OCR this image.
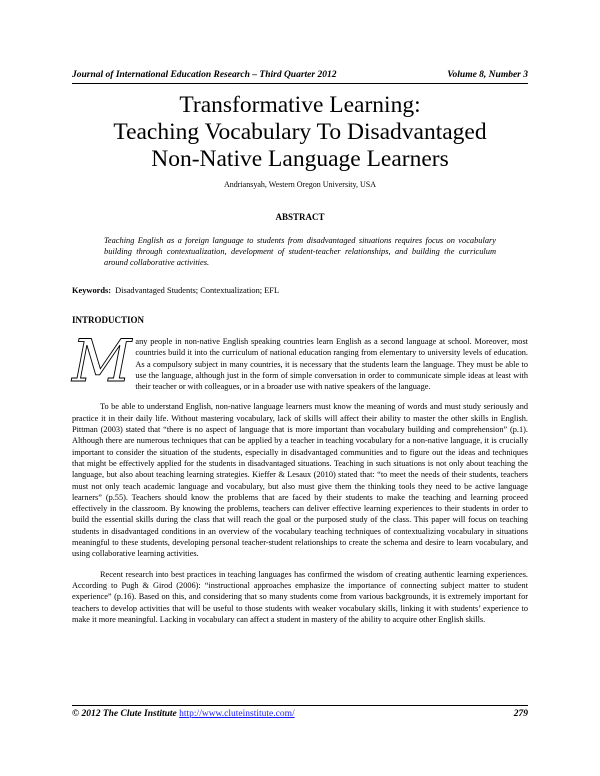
Journal of International Education Research – Third Quarter 2012	Volume 8, Number 3
Transformative Learning:
Teaching Vocabulary To Disadvantaged
Non-Native Language Learners
Andriansyah, Western Oregon University, USA
ABSTRACT
Teaching English as a foreign language to students from disadvantaged situations requires focus on vocabulary building through contextualization, development of student-teacher relationships, and building the curriculum around collaborative activities.
Keywords: Disadvantaged Students; Contextualization; EFL
INTRODUCTION

Many people in non-native English speaking countries learn English as a second language at school. Moreover, most countries build it into the curriculum of national education ranging from elementary to university levels of education. As a compulsory subject in many countries, it is necessary that the students learn the language. They must be able to use the language, although just in the form of simple conversation in order to communicate simple ideas at least with their teacher or with colleagues, or in a broader use with native speakers of the language.

To be able to understand English, non-native language learners must know the meaning of words and must study seriously and practice it in their daily life. Without mastering vocabulary, lack of skills will affect their ability to master the other skills in English. Pittman (2003) stated that “there is no aspect of language that is more important than vocabulary building and comprehension” (p.1). Although there are numerous techniques that can be applied by a teacher in teaching vocabulary for a non-native language, it is crucially important to consider the situation of the students, especially in disadvantaged communities and to figure out the ideas and techniques that might be effectively applied for the students in disadvantaged situations. Teaching in such situations is not only about teaching the language, but also about teaching learning strategies. Kieffer & Lesaux (2010) stated that: “to meet the needs of their students, teachers must not only teach academic language and vocabulary, but also must give them the thinking tools they need to be active language learners” (p.55). Teachers should know the problems that are faced by their students to make the teaching and learning proceed effectively in the classroom. By knowing the problems, teachers can deliver effective learning experiences to their students in order to build the essential skills during the class that will reach the goal or the purposed study of the class. This paper will focus on teaching students in disadvantaged conditions in an overview of the vocabulary teaching techniques of contextualizing vocabulary in situations meaningful to these students, developing personal teacher-student relationships to create the schema and desire to learn vocabulary, and using collaborative learning activities.

Recent research into best practices in teaching languages has confirmed the wisdom of creating authentic learning experiences. According to Pugh & Girod (2006): “instructional approaches emphasize the importance of connecting subject matter to student experience” (p.16). Based on this, and considering that so many students come from various backgrounds, it is extremely important for teachers to develop activities that will be useful to those students with weaker vocabulary skills, linking it with students’ experience to make it more meaningful. Lacking in vocabulary can affect a student in mastery of the ability to acquire other English skills.

© 2012 The Clute Institute http://www.cluteinstitute.com/	279
